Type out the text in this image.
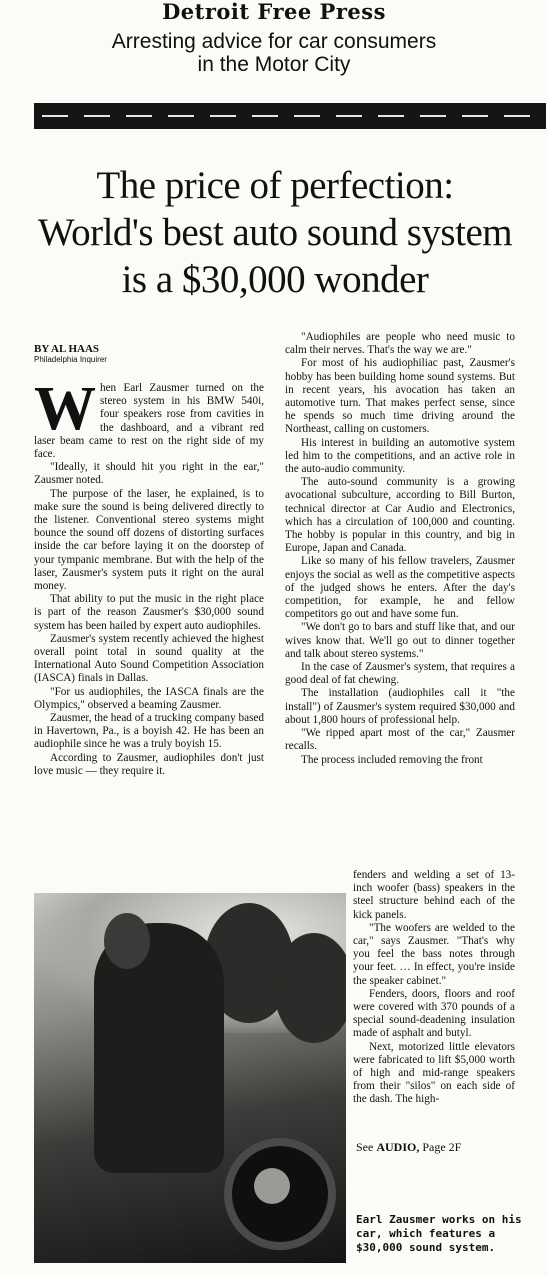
Detroit Free Press
Arresting advice for car consumers
in the Motor City
The price of perfection:
World's best auto sound system
is a $30,000 wonder
BY AL HAAS
Philadelphia Inquirer

When Earl Zausmer turned on the stereo system in his BMW 540i, four speakers rose from cavities in the dashboard, and a vibrant red laser beam came to rest on the right side of my face.

"Ideally, it should hit you right in the ear," Zausmer noted.

The purpose of the laser, he explained, is to make sure the sound is being delivered directly to the listener. Conventional stereo systems might bounce the sound off dozens of distorting surfaces inside the car before laying it on the doorstep of your tympanic membrane. But with the help of the laser, Zausmer's system puts it right on the aural money.

That ability to put the music in the right place is part of the reason Zausmer's $30,000 sound system has been hailed by expert auto audiophiles.

Zausmer's system recently achieved the highest overall point total in sound quality at the International Auto Sound Competition Association (IASCA) finals in Dallas.

"For us audiophiles, the IASCA finals are the Olympics," observed a beaming Zausmer.

Zausmer, the head of a trucking company based in Havertown, Pa., is a boyish 42. He has been an audiophile since he was a truly boyish 15.

According to Zausmer, audiophiles don't just love music — they require it.

"Audiophiles are people who need music to calm their nerves. That's the way we are."

For most of his audiophiliac past, Zausmer's hobby has been building home sound systems. But in recent years, his avocation has taken an automotive turn. That makes perfect sense, since he spends so much time driving around the Northeast, calling on customers.

His interest in building an automotive system led him to the competitions, and an active role in the auto-audio community.

The auto-sound community is a growing avocational subculture, according to Bill Burton, technical director at Car Audio and Electronics, which has a circulation of 100,000 and counting. The hobby is popular in this country, and big in Europe, Japan and Canada.

Like so many of his fellow travelers, Zausmer enjoys the social as well as the competitive aspects of the judged shows he enters. After the day's competition, for example, he and fellow competitors go out and have some fun.

"We don't go to bars and stuff like that, and our wives know that. We'll go out to dinner together and talk about stereo systems."

In the case of Zausmer's system, that requires a good deal of fat chewing.

The installation (audiophiles call it "the install") of Zausmer's system required $30,000 and about 1,800 hours of professional help.

"We ripped apart most of the car," Zausmer recalls.

The process included removing the front

fenders and welding a set of 13-inch woofer (bass) speakers in the steel structure behind each of the kick panels.

"The woofers are welded to the car," says Zausmer. "That's why you feel the bass notes through your feet. … In effect, you're inside the speaker cabinet."

Fenders, doors, floors and roof were covered with 370 pounds of a special sound-deadening insulation made of asphalt and butyl.

Next, motorized little elevators were fabricated to lift $5,000 worth of high and mid-range speakers from their "silos" on each side of the dash. The high-

See AUDIO, Page 2F
Earl Zausmer works on his car, which features a $30,000 sound system.
